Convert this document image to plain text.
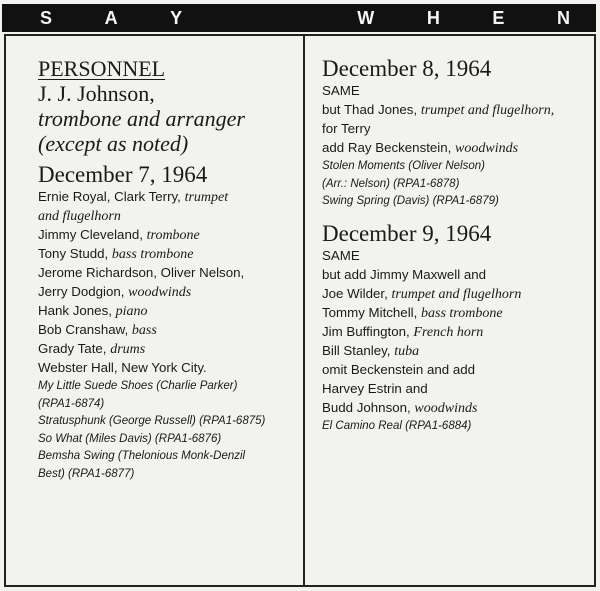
S	A	Y	W	H	E	N
PERSONNEL
J. J. Johnson,
trombone and arranger
(except as noted)
December 7, 1964
Ernie Royal, Clark Terry, trumpet
and flugelhorn
Jimmy Cleveland, trombone
Tony Studd, bass trombone
Jerome Richardson, Oliver Nelson,
Jerry Dodgion, woodwinds
Hank Jones, piano
Bob Cranshaw, bass
Grady Tate, drums
Webster Hall, New York City.
My Little Suede Shoes (Charlie Parker)
(RPA1-6874)
Stratusphunk (George Russell) (RPA1-6875)
So What (Miles Davis) (RPA1-6876)
Bemsha Swing (Thelonious Monk-Denzil
Best) (RPA1-6877)
December 8, 1964
SAME
but Thad Jones, trumpet and flugelhorn,
for Terry
add Ray Beckenstein, woodwinds
Stolen Moments (Oliver Nelson)
(Arr.: Nelson) (RPA1-6878)
Swing Spring (Davis) (RPA1-6879)
December 9, 1964
SAME
but add Jimmy Maxwell and
Joe Wilder, trumpet and flugelhorn
Tommy Mitchell, bass trombone
Jim Buffington, French horn
Bill Stanley, tuba
omit Beckenstein and add
Harvey Estrin and
Budd Johnson, woodwinds
El Camino Real (RPA1-6884)
